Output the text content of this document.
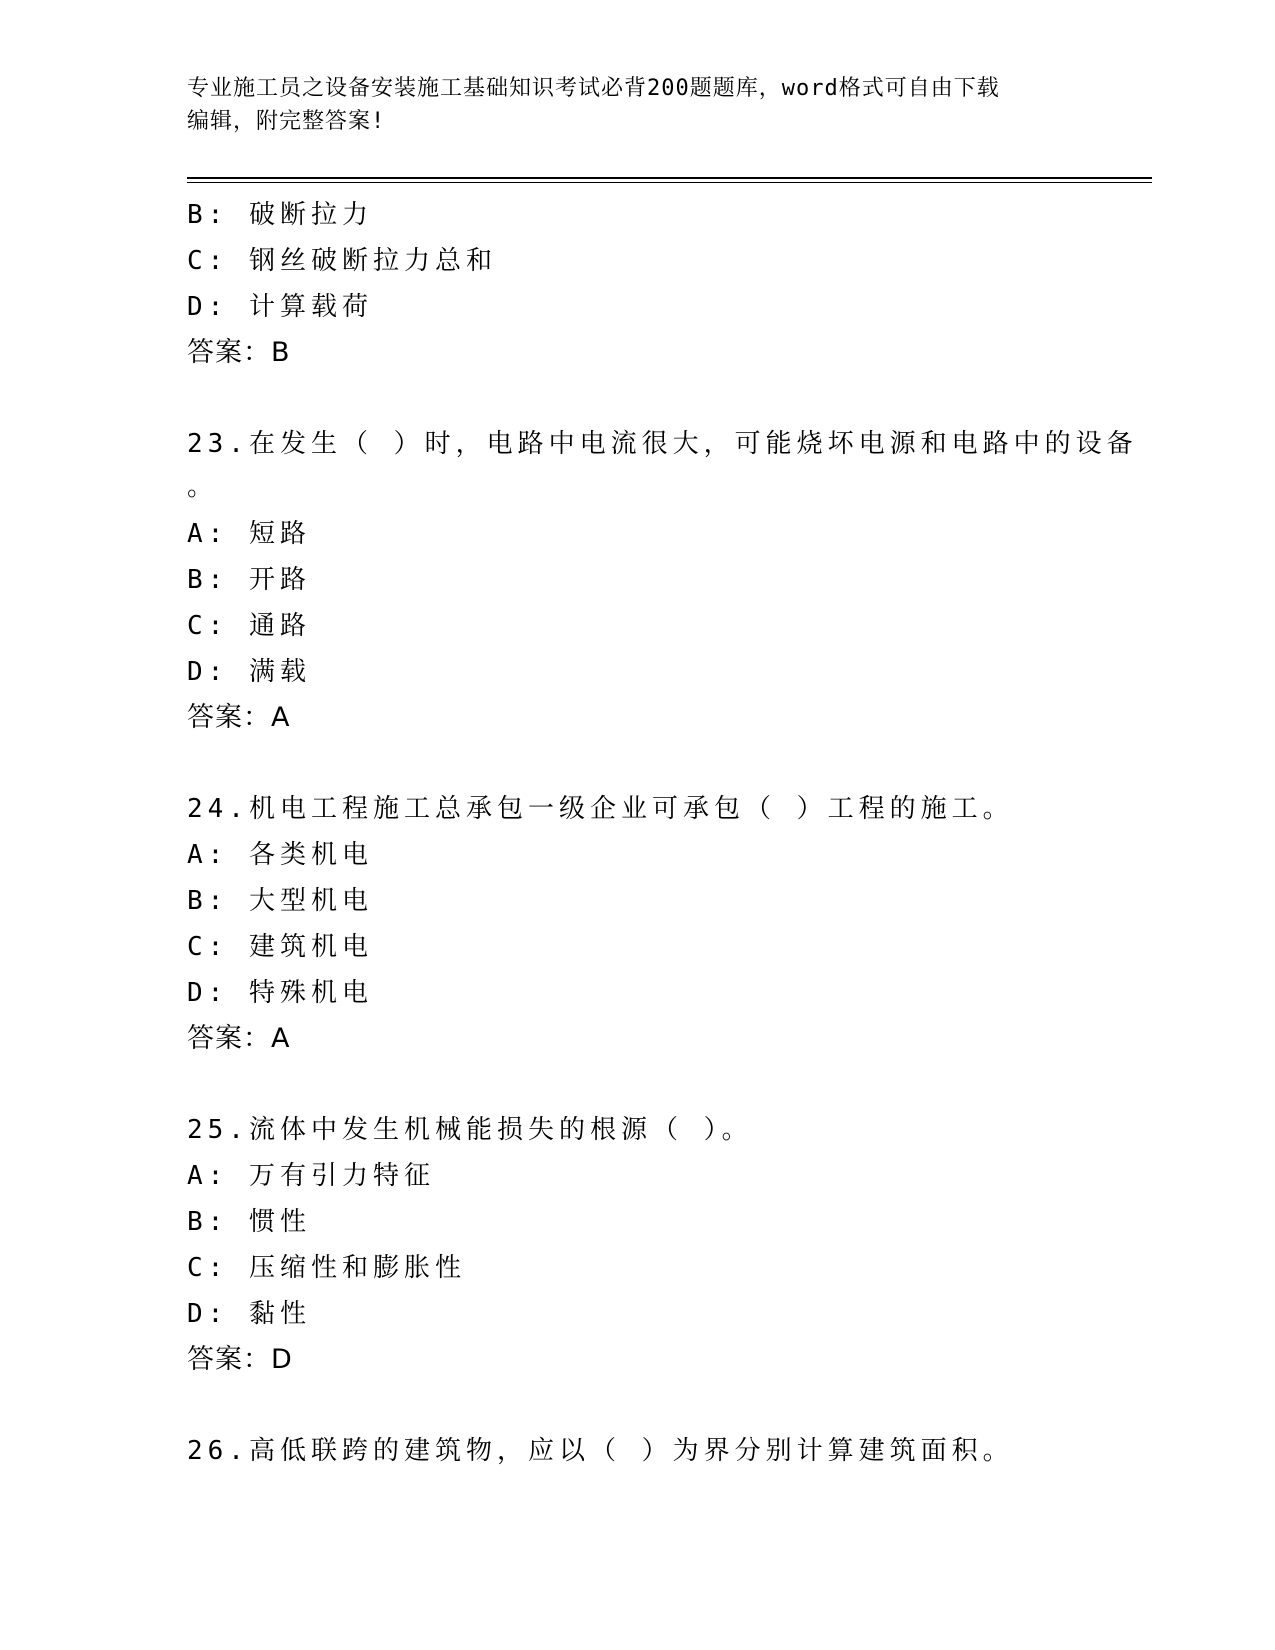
专业施工员之设备安装施工基础知识考试必背200题题库，word格式可自由下载
编辑，附完整答案!
B: 破断拉力
C: 钢丝破断拉力总和
D: 计算载荷
答案：B
23.在发生（ ）时，电路中电流很大，可能烧坏电源和电路中的设备
。
A: 短路
B: 开路
C: 通路
D: 满载
答案：A
24.机电工程施工总承包一级企业可承包（ ）工程的施工。
A: 各类机电
B: 大型机电
C: 建筑机电
D: 特殊机电
答案：A
25.流体中发生机械能损失的根源（ ）。
A: 万有引力特征
B: 惯性
C: 压缩性和膨胀性
D: 黏性
答案：D
26.高低联跨的建筑物，应以（ ）为界分别计算建筑面积。
